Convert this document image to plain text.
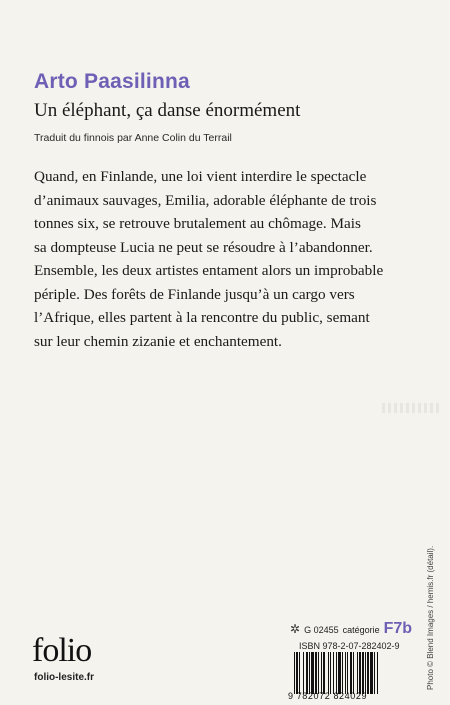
Arto Paasilinna
Un éléphant, ça danse énormément
Traduit du finnois par Anne Colin du Terrail

Quand, en Finlande, une loi vient interdire le spectacle
d’animaux sauvages, Emilia, adorable éléphante de trois
tonnes six, se retrouve brutalement au chômage. Mais
sa dompteuse Lucia ne peut se résoudre à l’abandonner.
Ensemble, les deux artistes entament alors un improbable
périple. Des forêts de Finlande jusqu’à un cargo vers
l’Afrique, elles partent à la rencontre du public, semant
sur leur chemin zizanie et enchantement.

Photo © Blend Images / hemis.fr (détail).
✲ G 02455 catégorie F7b
ISBN 978-2-07-282402-9
9 782072 824029
folio
folio-lesite.fr
